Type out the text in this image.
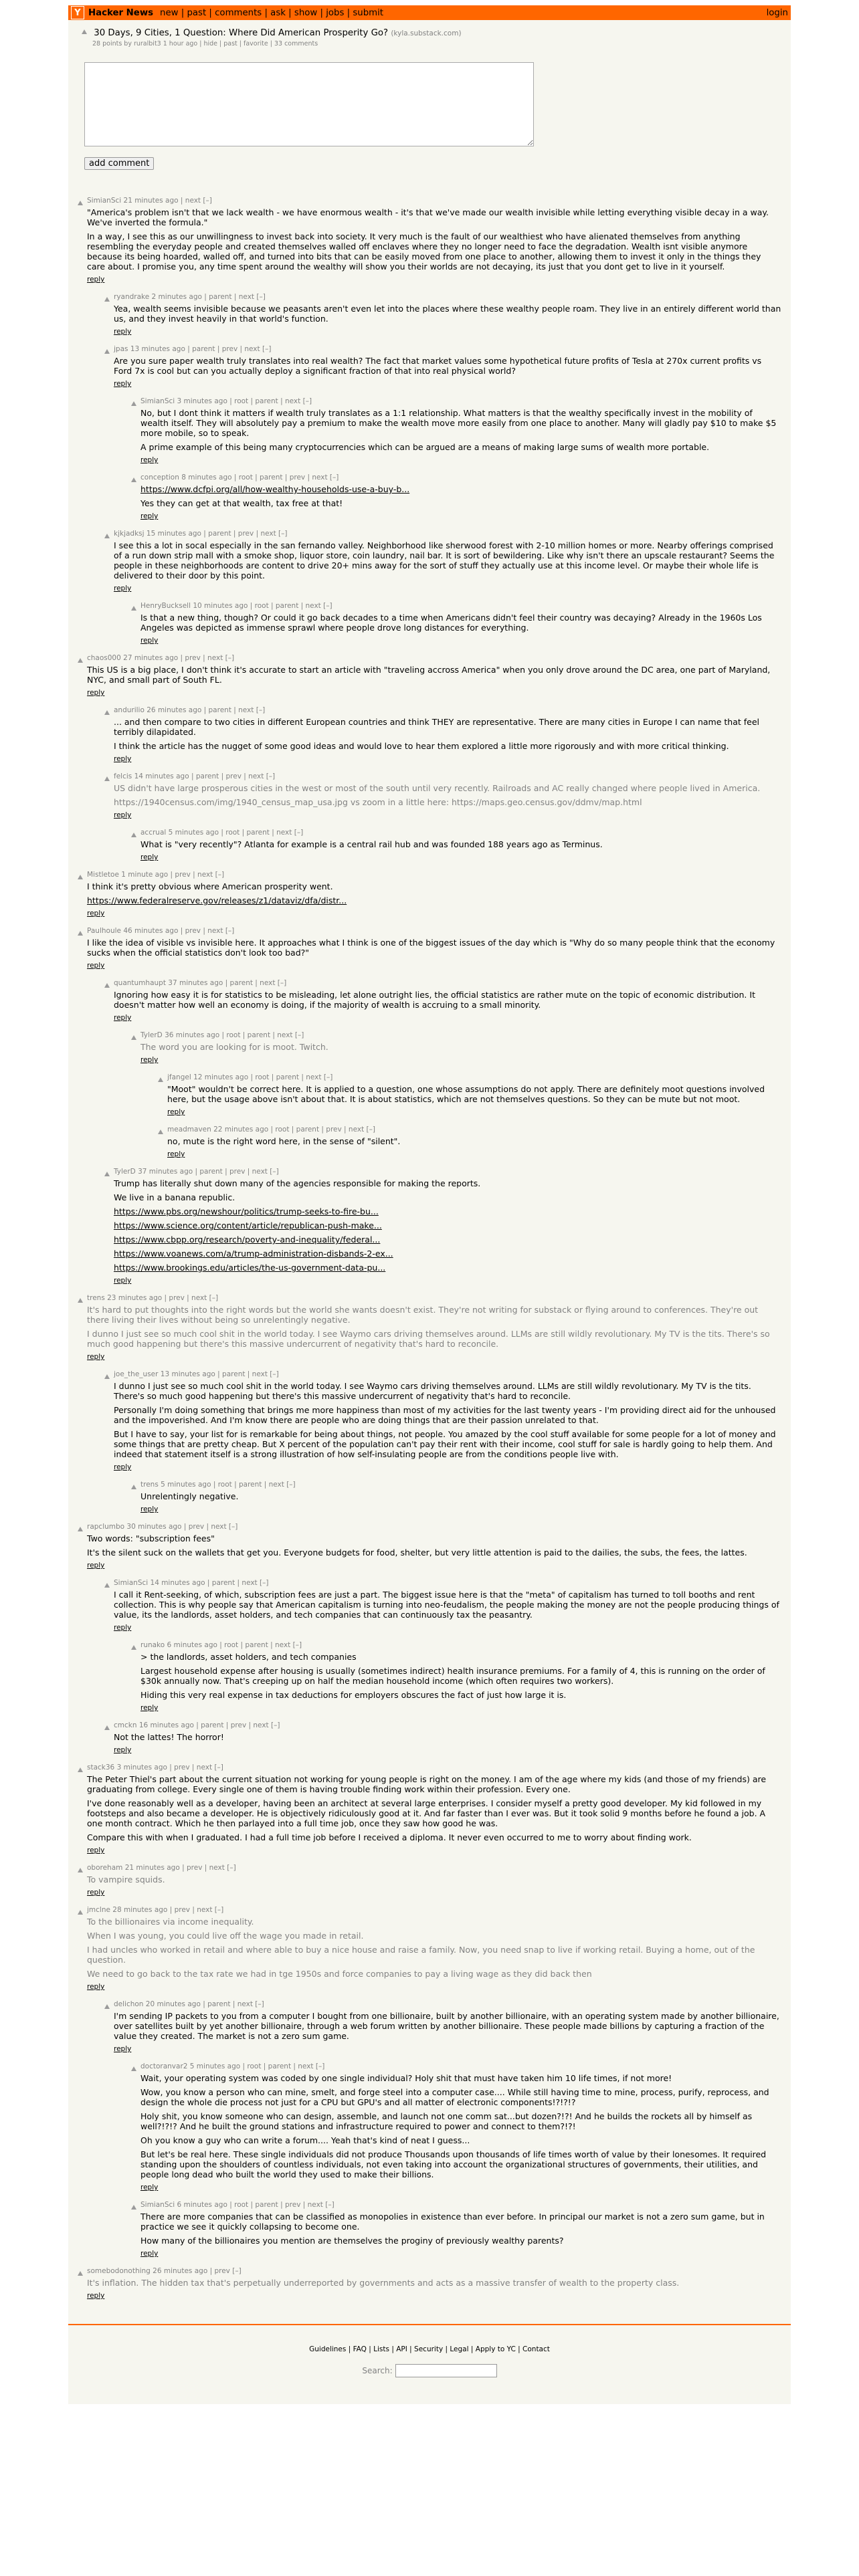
Y Hacker News new | past | comments | ask | show | jobs | submit	login
30 Days, 9 Cities, 1 Question: Where Did American Prosperity Go? (kyla.substack.com)
28 points by ruralbit3 1 hour ago | hide | past | favorite | 33 comments
add comment
SimianSci 21 minutes ago | next [–]

"America's problem isn't that we lack wealth - we have enormous wealth - it's that we've made our wealth invisible while letting everything visible decay in a way. We've inverted the formula."

In a way, I see this as our unwillingness to invest back into society. It very much is the fault of our wealthiest who have alienated themselves from anything resembling the everyday people and created themselves walled off enclaves where they no longer need to face the degradation. Wealth isnt visible anymore because its being hoarded, walled off, and turned into bits that can be easily moved from one place to another, allowing them to invest it only in the things they care about. I promise you, any time spent around the wealthy will show you their worlds are not decaying, its just that you dont get to live in it yourself.

reply
ryandrake 2 minutes ago | parent | next [–]

Yea, wealth seems invisible because we peasants aren't even let into the places where these wealthy people roam. They live in an entirely different world than us, and they invest heavily in that world's function.

reply
jpas 13 minutes ago | parent | prev | next [–]

Are you sure paper wealth truly translates into real wealth? The fact that market values some hypothetical future profits of Tesla at 270x current profits vs Ford 7x is cool but can you actually deploy a significant fraction of that into real physical world?

reply
SimianSci 3 minutes ago | root | parent | next [–]

No, but I dont think it matters if wealth truly translates as a 1:1 relationship. What matters is that the wealthy specifically invest in the mobility of wealth itself. They will absolutely pay a premium to make the wealth move more easily from one place to another. Many will gladly pay $10 to make $5 more mobile, so to speak.

A prime example of this being many cryptocurrencies which can be argued are a means of making large sums of wealth more portable.

reply
conception 8 minutes ago | root | parent | prev | next [–]

https://www.dcfpi.org/all/how-wealthy-households-use-a-buy-b...

Yes they can get at that wealth, tax free at that!

reply
kjkjadksj 15 minutes ago | parent | prev | next [–]

I see this a lot in socal especially in the san fernando valley. Neighborhood like sherwood forest with 2-10 million homes or more. Nearby offerings comprised of a run down strip mall with a smoke shop, liquor store, coin laundry, nail bar. It is sort of bewildering. Like why isn't there an upscale restaurant? Seems the people in these neighborhoods are content to drive 20+ mins away for the sort of stuff they actually use at this income level. Or maybe their whole life is delivered to their door by this point.

reply
HenryBucksell 10 minutes ago | root | parent | next [–]

Is that a new thing, though? Or could it go back decades to a time when Americans didn't feel their country was decaying? Already in the 1960s Los Angeles was depicted as immense sprawl where people drove long distances for everything.

reply
chaos000 27 minutes ago | prev | next [–]

This US is a big place, I don't think it's accurate to start an article with "traveling accross America" when you only drove around the DC area, one part of Maryland, NYC, and small part of South FL.

reply
andurilio 26 minutes ago | parent | next [–]

... and then compare to two cities in different European countries and think THEY are representative. There are many cities in Europe I can name that feel terribly dilapidated.

I think the article has the nugget of some good ideas and would love to hear them explored a little more rigorously and with more critical thinking.

reply
felcis 14 minutes ago | parent | prev | next [–]

US didn't have large prosperous cities in the west or most of the south until very recently. Railroads and AC really changed where people lived in America.

https://1940census.com/img/1940_census_map_usa.jpg vs zoom in a little here: https://maps.geo.census.gov/ddmv/map.html

reply
accrual 5 minutes ago | root | parent | next [–]

What is "very recently"? Atlanta for example is a central rail hub and was founded 188 years ago as Terminus.

reply
Mistletoe 1 minute ago | prev | next [–]

I think it's pretty obvious where American prosperity went.

https://www.federalreserve.gov/releases/z1/dataviz/dfa/distr...

reply
Paulhoule 46 minutes ago | prev | next [–]

I like the idea of visible vs invisible here. It approaches what I think is one of the biggest issues of the day which is "Why do so many people think that the economy sucks when the official statistics don't look too bad?"

reply
quantumhaupt 37 minutes ago | parent | next [–]

Ignoring how easy it is for statistics to be misleading, let alone outright lies, the official statistics are rather mute on the topic of economic distribution. It doesn't matter how well an economy is doing, if the majority of wealth is accruing to a small minority.

reply
TylerD 36 minutes ago | root | parent | next [–]

The word you are looking for is moot. Twitch.

reply
jfangel 12 minutes ago | root | parent | next [–]

"Moot" wouldn't be correct here. It is applied to a question, one whose assumptions do not apply. There are definitely moot questions involved here, but the usage above isn't about that. It is about statistics, which are not themselves questions. So they can be mute but not moot.

reply
meadmaven 22 minutes ago | root | parent | prev | next [–]

no, mute is the right word here, in the sense of "silent".

reply
TylerD 37 minutes ago | parent | prev | next [–]

Trump has literally shut down many of the agencies responsible for making the reports.

We live in a banana republic.

https://www.pbs.org/newshour/politics/trump-seeks-to-fire-bu...

https://www.science.org/content/article/republican-push-make...

https://www.cbpp.org/research/poverty-and-inequality/federal...

https://www.voanews.com/a/trump-administration-disbands-2-ex...

https://www.brookings.edu/articles/the-us-government-data-pu...

reply
trens 23 minutes ago | prev | next [–]

It's hard to put thoughts into the right words but the world she wants doesn't exist. They're not writing for substack or flying around to conferences. They're out there living their lives without being so unrelentingly negative.

I dunno I just see so much cool shit in the world today. I see Waymo cars driving themselves around. LLMs are still wildly revolutionary. My TV is the tits. There's so much good happening but there's this massive undercurrent of negativity that's hard to reconcile.

reply
joe_the_user 13 minutes ago | parent | next [–]

I dunno I just see so much cool shit in the world today. I see Waymo cars driving themselves around. LLMs are still wildly revolutionary. My TV is the tits. There's so much good happening but there's this massive undercurrent of negativity that's hard to reconcile.

Personally I'm doing something that brings me more happiness than most of my activities for the last twenty years - I'm providing direct aid for the unhoused and the impoverished. And I'm know there are people who are doing things that are their passion unrelated to that.

But I have to say, your list for is remarkable for being about things, not people. You amazed by the cool stuff available for some people for a lot of money and some things that are pretty cheap. But X percent of the population can't pay their rent with their income, cool stuff for sale is hardly going to help them. And indeed that statement itself is a strong illustration of how self-insulating people are from the conditions people live with.

reply
trens 5 minutes ago | root | parent | next [–]

Unrelentingly negative.

reply
rapclumbo 30 minutes ago | prev | next [–]

Two words: "subscription fees"

It's the silent suck on the wallets that get you. Everyone budgets for food, shelter, but very little attention is paid to the dailies, the subs, the fees, the lattes.

reply
SimianSci 14 minutes ago | parent | next [–]

I call it Rent-seeking, of which, subscription fees are just a part. The biggest issue here is that the "meta" of capitalism has turned to toll booths and rent collection. This is why people say that American capitalism is turning into neo-feudalism, the people making the money are not the people producing things of value, its the landlords, asset holders, and tech companies that can continuously tax the peasantry.

reply
runako 6 minutes ago | root | parent | next [–]

> the landlords, asset holders, and tech companies

Largest household expense after housing is usually (sometimes indirect) health insurance premiums. For a family of 4, this is running on the order of $30k annually now. That's creeping up on half the median household income (which often requires two workers).

Hiding this very real expense in tax deductions for employers obscures the fact of just how large it is.

reply
cmckn 16 minutes ago | parent | prev | next [–]

Not the lattes! The horror!

reply
stack36 3 minutes ago | prev | next [–]

The Peter Thiel's part about the current situation not working for young people is right on the money. I am of the age where my kids (and those of my friends) are graduating from college. Every single one of them is having trouble finding work within their profession. Every one.

I've done reasonably well as a developer, having been an architect at several large enterprises. I consider myself a pretty good developer. My kid followed in my footsteps and also became a developer. He is objectively ridiculously good at it. And far faster than I ever was. But it took solid 9 months before he found a job. A one month contract. Which he then parlayed into a full time job, once they saw how good he was.

Compare this with when I graduated. I had a full time job before I received a diploma. It never even occurred to me to worry about finding work.

reply
oboreham 21 minutes ago | prev | next [–]

To vampire squids.

reply
jmclne 28 minutes ago | prev | next [–]

To the billionaires via income inequality.

When I was young, you could live off the wage you made in retail.

I had uncles who worked in retail and where able to buy a nice house and raise a family. Now, you need snap to live if working retail. Buying a home, out of the question.

We need to go back to the tax rate we had in tge 1950s and force companies to pay a living wage as they did back then

reply
delichon 20 minutes ago | parent | next [–]

I'm sending IP packets to you from a computer I bought from one billionaire, built by another billionaire, with an operating system made by another billionaire, over satellites built by yet another billionaire, through a web forum written by another billionaire. These people made billions by capturing a fraction of the value they created. The market is not a zero sum game.

reply
doctoranvar2 5 minutes ago | root | parent | next [–]

Wait, your operating system was coded by one single individual? Holy shit that must have taken him 10 life times, if not more!

Wow, you know a person who can mine, smelt, and forge steel into a computer case.... While still having time to mine, process, purify, reprocess, and design the whole die process not just for a CPU but GPU's and all matter of electronic components!?!?!?

Holy shit, you know someone who can design, assemble, and launch not one comm sat...but dozen?!?! And he builds the rockets all by himself as well?!?!? And he built the ground stations and infrastructure required to power and connect to them?!?!

Oh you know a guy who can write a forum.... Yeah that's kind of neat I guess...

But let's be real here. These single individuals did not produce Thousands upon thousands of life times worth of value by their lonesomes. It required standing upon the shoulders of countless individuals, not even taking into account the organizational structures of governments, their utilities, and people long dead who built the world they used to make their billions.

reply
SimianSci 6 minutes ago | root | parent | prev | next [–]

There are more companies that can be classified as monopolies in existence than ever before. In principal our market is not a zero sum game, but in practice we see it quickly collapsing to become one.

How many of the billionaires you mention are themselves the proginy of previously wealthy parents?

reply
somebodonothing 26 minutes ago | prev [–]

It's inflation. The hidden tax that's perpetually underreported by governments and acts as a massive transfer of wealth to the property class.

reply
Guidelines | FAQ | Lists | API | Security | Legal | Apply to YC | Contact
Search:
